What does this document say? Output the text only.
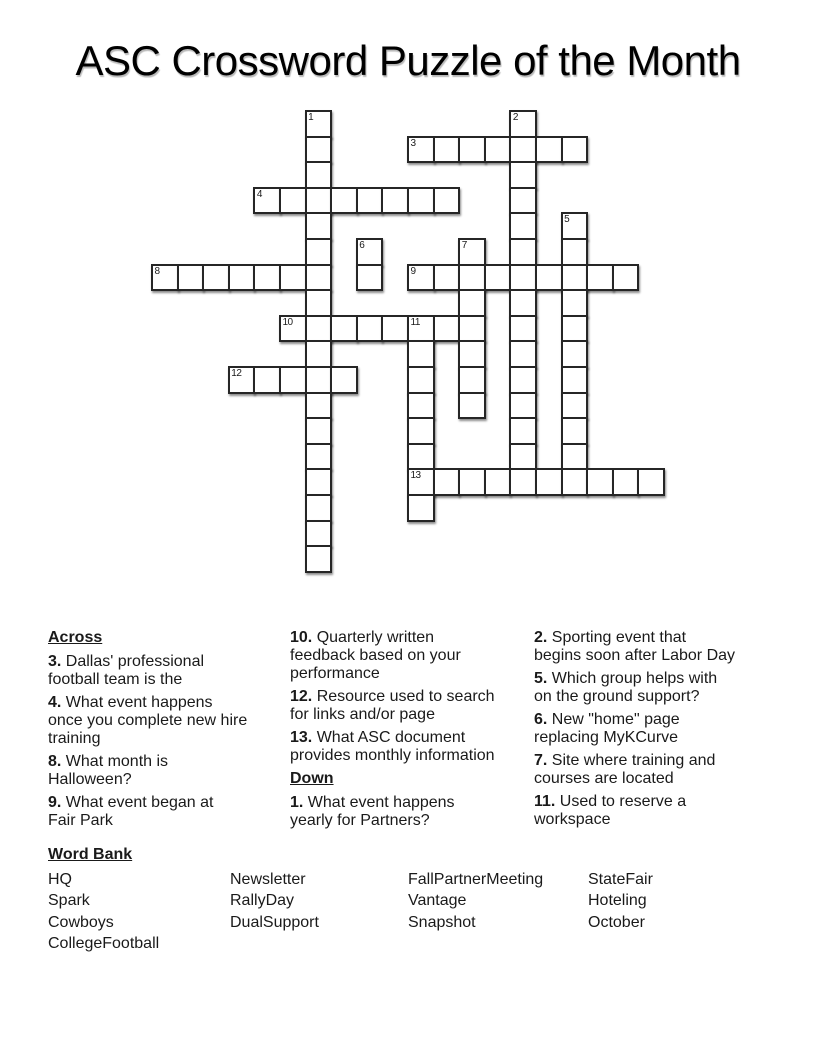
ASC Crossword Puzzle of the Month
1	2
3
4
5
6	7
8	9
10	11
12
13
Across
3. Dallas' professional
football team is the
4. What event happens
once you complete new hire
training
8. What month is
Halloween?
9. What event began at
Fair Park
10. Quarterly written
feedback based on your
performance
12. Resource used to search
for links and/or page
13. What ASC document
provides monthly information
Down
1. What event happens
yearly for Partners?
2. Sporting event that
begins soon after Labor Day
5. Which group helps with
on the ground support?
6. New "home" page
replacing MyKCurve
7. Site where training and
courses are located
11. Used to reserve a
workspace
Word Bank
HQ
Spark
Cowboys
CollegeFootball
Newsletter
RallyDay
DualSupport
FallPartnerMeeting
Vantage
Snapshot
StateFair
Hoteling
October
